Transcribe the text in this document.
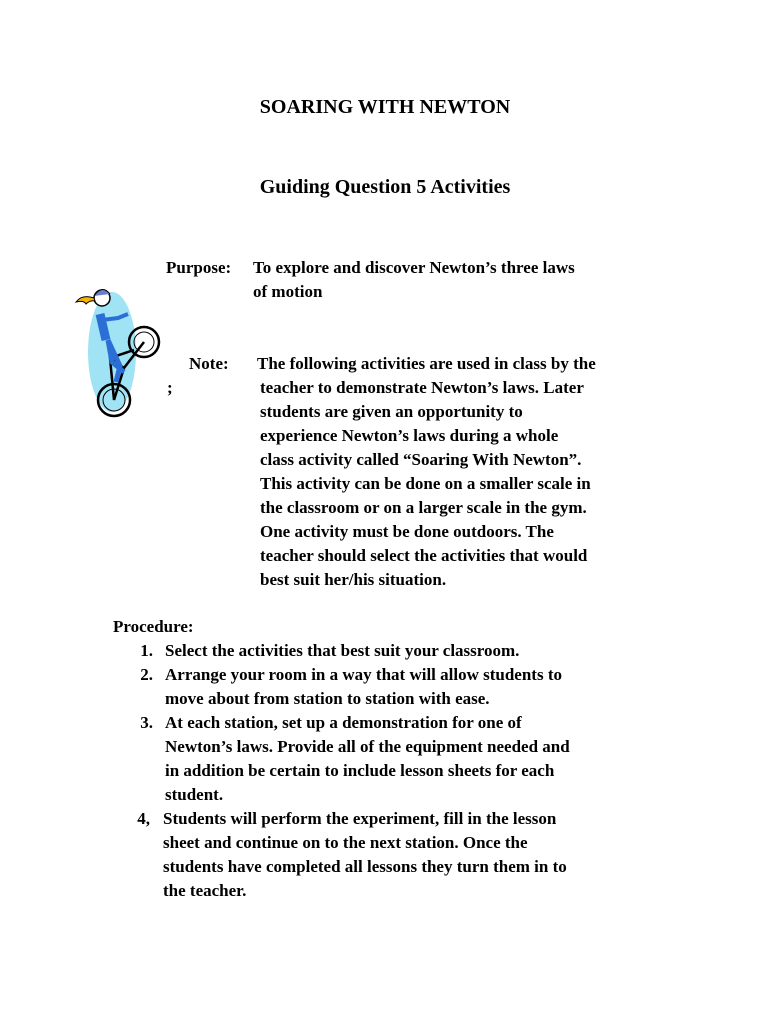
SOARING WITH NEWTON
Guiding Question 5 Activities
Purpose: To explore and discover Newton’s three laws
of motion
Note:
;
The following activities are used in class by the
teacher to demonstrate Newton’s laws. Later
students are given an opportunity to
experience Newton’s laws during a whole
class activity called “Soaring With Newton”.
This activity can be done on a smaller scale in
the classroom or on a larger scale in the gym.
One activity must be done outdoors. The
teacher should select the activities that would
best suit her/his situation.
Procedure:
1. Select the activities that best suit your classroom.
2. Arrange your room in a way that will allow students to
move about from station to station with ease.
3. At each station, set up a demonstration for one of
Newton’s laws. Provide all of the equipment needed and
in addition be certain to include lesson sheets for each
student.
4, Students will perform the experiment, fill in the lesson
sheet and continue on to the next station. Once the
students have completed all lessons they turn them in to
the teacher.
